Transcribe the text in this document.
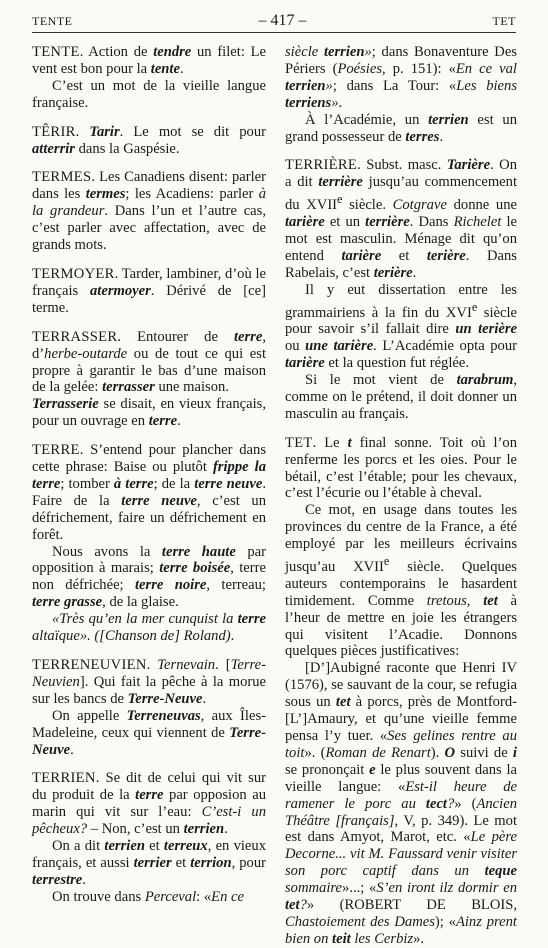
TENTE	– 417 –	TET

TENTE. Action de tendre un filet: Le vent est bon pour la tente.

C’est un mot de la vieille langue française.

TÊRIR. Tarir. Le mot se dit pour atterrir dans la Gaspésie.

TERMES. Les Canadiens disent: parler dans les termes; les Acadiens: parler à la grandeur. Dans l’un et l’autre cas, c’est parler avec affectation, avec de grands mots.

TERMOYER. Tarder, lambiner, d’où le français atermoyer. Dérivé de [ce] terme.

TERRASSER. Entourer de terre, d’herbe-outarde ou de tout ce qui est propre à garantir le bas d’une maison de la gelée: terrasser une maison.

Terrasserie se disait, en vieux français, pour un ouvrage en terre.

TERRE. S’entend pour plancher dans cette phrase: Baise ou plutôt frippe la terre; tomber à terre; de la terre neuve. Faire de la terre neuve, c’est un défrichement, faire un défrichement en forêt.

Nous avons la terre haute par opposition à marais; terre boisée, terre non défrichée; terre noire, terreau; terre grasse, de la glaise.

«Très qu’en la mer cunquist la terre altaïque». ([Chanson de] Roland).

TERRENEUVIEN. Ternevain. [Terre-Neuvien]. Qui fait la pêche à la morue sur les bancs de Terre-Neuve.

On appelle Terreneuvas, aux Îles-Madeleine, ceux qui viennent de Terre-Neuve.

TERRIEN. Se dit de celui qui vit sur du produit de la terre par opposion au marin qui vit sur l’eau: C’est-i un pêcheux? – Non, c’est un terrien.

On a dit terrien et terreux, en vieux français, et aussi terrier et terrion, pour terrestre.

On trouve dans Perceval: «En ce

siècle terrien»; dans Bonaventure Des Périers (Poésies, p. 151): «En ce val terrien»; dans La Tour: «Les biens terriens».

À l’Académie, un terrien est un grand possesseur de terres.

TERRIÈRE. Subst. masc. Tarière. On a dit terrière jusqu’au commencement du XVIIe siècle. Cotgrave donne une tarière et un terrière. Dans Richelet le mot est masculin. Ménage dit qu’on entend tarière et terière. Dans Rabelais, c’est terière.

Il y eut dissertation entre les grammairiens à la fin du XVIe siècle pour savoir s’il fallait dire un terière ou une tarière. L’Académie opta pour tarière et la question fut réglée.

Si le mot vient de tarabrum, comme on le prétend, il doit donner un masculin au français.

TET. Le t final sonne. Toit où l’on renferme les porcs et les oies. Pour le bétail, c’est l’étable; pour les chevaux, c’est l’écurie ou l’étable à cheval.

Ce mot, en usage dans toutes les provinces du centre de la France, a été employé par les meilleurs écrivains jusqu’au XVIIe siècle. Quelques auteurs contemporains le hasardent timidement. Comme tretous, tet à l’heur de mettre en joie les étrangers qui visitent l’Acadie. Donnons quelques pièces justificatives:

[D’]Aubigné raconte que Henri IV (1576), se sauvant de la cour, se refugia sous un tet à porcs, près de Montford-[L’]Amaury, et qu’une vieille femme pensa l’y tuer. «Ses gelines rentre au toit». (Roman de Renart). O suivi de i se prononçait e le plus souvent dans la vieille langue: «Est-il heure de ramener le porc au tect?» (Ancien Théâtre [français], V, p. 349). Le mot est dans Amyot, Marot, etc. «Le père Decorne... vit M. Faussard venir visiter son porc captif dans un teque sommaire»...; «S’en iront ilz dormir en tet?» (ROBERT DE BLOIS, Chastoiement des Dames); «Ainz prent bien on teit les Cerbiz».
